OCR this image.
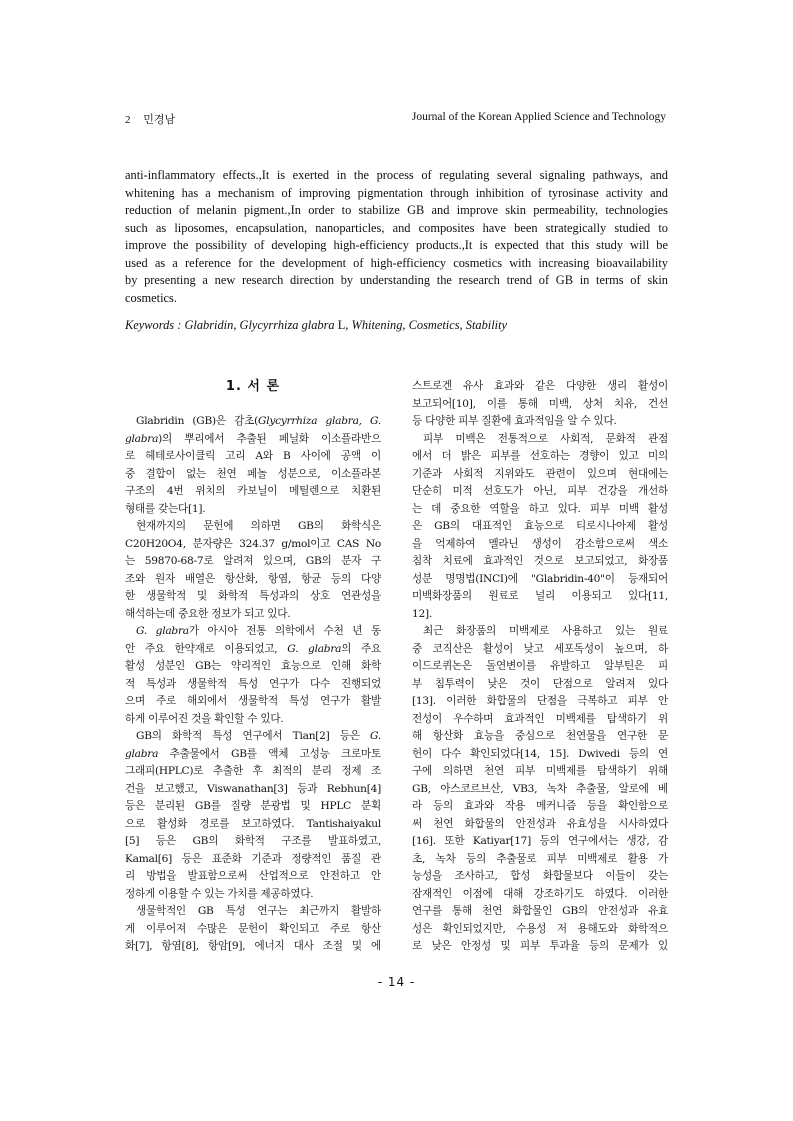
2 민경남	Journal of the Korean Applied Science and Technology
anti-inflammatory effects.,It is exerted in the process of regulating several signaling pathways, and
whitening has a mechanism of improving pigmentation through inhibition of tyrosinase activity and
reduction of melanin pigment.,In order to stabilize GB and improve skin permeability, technologies
such as liposomes, encapsulation, nanoparticles, and composites have been strategically studied to
improve the possibility of developing high-efficiency products.,It is expected that this study will be
used as a reference for the development of high-efficiency cosmetics with increasing bioavailability
by presenting a new research direction by understanding the research trend of GB in terms of skin
cosmetics.
Keywords : Glabridin, Glycyrrhiza glabra L, Whitening, Cosmetics, Stability
1. 서 론
Glabridin (GB)은 감초(Glycyrrhiza glabra, G.
glabra)의 뿌리에서 추출된 페닐화 이소플라반으
로 헤테로사이클릭 고리 A와 B 사이에 공액 이
중 결합이 없는 천연 페놀 성분으로, 이소플라본
구조의 4번 위치의 카보닐이 메틸렌으로 치환된
형태를 갖는다[1].
현재까지의 문헌에 의하면 GB의 화학식은
C20H20O4, 분자량은 324.37 g/mol이고 CAS No
는 59870-68-7로 알려져 있으며, GB의 분자 구
조와 원자 배열은 항산화, 항염, 항균 등의 다양
한 생물학적 및 화학적 특성과의 상호 연관성을
해석하는데 중요한 정보가 되고 있다.
G. glabra가 아시아 전통 의학에서 수천 년 동
안 주요 한약재로 이용되었고, G. glabra의 주요
활성 성분인 GB는 약리적인 효능으로 인해 화학
적 특성과 생물학적 특성 연구가 다수 진행되었
으며 주로 해외에서 생물학적 특성 연구가 활발
하게 이루어진 것을 확인할 수 있다.
GB의 화학적 특성 연구에서 Tian[2] 등은 G.
glabra 추출물에서 GB를 액체 고성능 크로마토
그래피(HPLC)로 추출한 후 최적의 분리 정제 조
건을 보고했고, Viswanathan[3] 등과 Rebhun[4]
등은 분리된 GB를 질량 분광법 및 HPLC 분획
으로 활성화 경로를 보고하였다. Tantishaiyakul
[5] 등은 GB의 화학적 구조를 발표하였고,
Kamal[6] 등은 표준화 기준과 정량적인 품질 관
리 방법을 발표함으로써 산업적으로 안전하고 안
정하게 이용할 수 있는 가치를 제공하였다.
생물학적인 GB 특성 연구는 최근까지 활발하
게 이루어져 수많은 문헌이 확인되고 주로 항산
화[7], 항염[8], 항암[9], 에너지 대사 조절 및 에
스트로겐 유사 효과와 같은 다양한 생리 활성이
보고되어[10], 이를 통해 미백, 상처 치유, 건선
등 다양한 피부 질환에 효과적임을 알 수 있다.
피부 미백은 전통적으로 사회적, 문화적 관점
에서 더 밝은 피부를 선호하는 경향이 있고 미의
기준과 사회적 지위와도 관련이 있으며 현대에는
단순히 미적 선호도가 아닌, 피부 건강을 개선하
는 데 중요한 역할을 하고 있다. 피부 미백 활성
은 GB의 대표적인 효능으로 티로시나아제 활성
을 억제하여 멜라닌 생성이 감소함으로써 색소
침착 치료에 효과적인 것으로 보고되었고, 화장품
성분 명명법(INCI)에 "Glabridin-40"이 등재되어
미백화장품의 원료로 널리 이용되고 있다[11,
12].
최근 화장품의 미백제로 사용하고 있는 원료
중 코직산은 활성이 낮고 세포독성이 높으며, 하
이드로퀴논은 돌연변이를 유발하고 알부틴은 피
부 침투력이 낮은 것이 단점으로 알려져 있다
[13]. 이러한 화합물의 단점을 극복하고 피부 안
전성이 우수하며 효과적인 미백제를 탐색하기 위
해 항산화 효능을 중심으로 천연물을 연구한 문
헌이 다수 확인되었다[14, 15]. Dwivedi 등의 연
구에 의하면 천연 피부 미백제를 탐색하기 위해
GB, 아스코르브산, VB3, 녹차 추출물, 알로에 베
라 등의 효과와 작용 메커니즘 등을 확인함으로
써 천연 화합물의 안전성과 유효성을 시사하였다
[16]. 또한 Katiyar[17] 등의 연구에서는 생강, 감
초, 녹차 등의 추출물로 피부 미백제로 활용 가
능성을 조사하고, 합성 화합물보다 이들이 갖는
잠재적인 이점에 대해 강조하기도 하였다. 이러한
연구를 통해 천연 화합물인 GB의 안전성과 유효
성은 확인되었지만, 수용성 저 용해도와 화학적으
로 낮은 안정성 및 피부 투과율 등의 문제가 있
- 14 -
